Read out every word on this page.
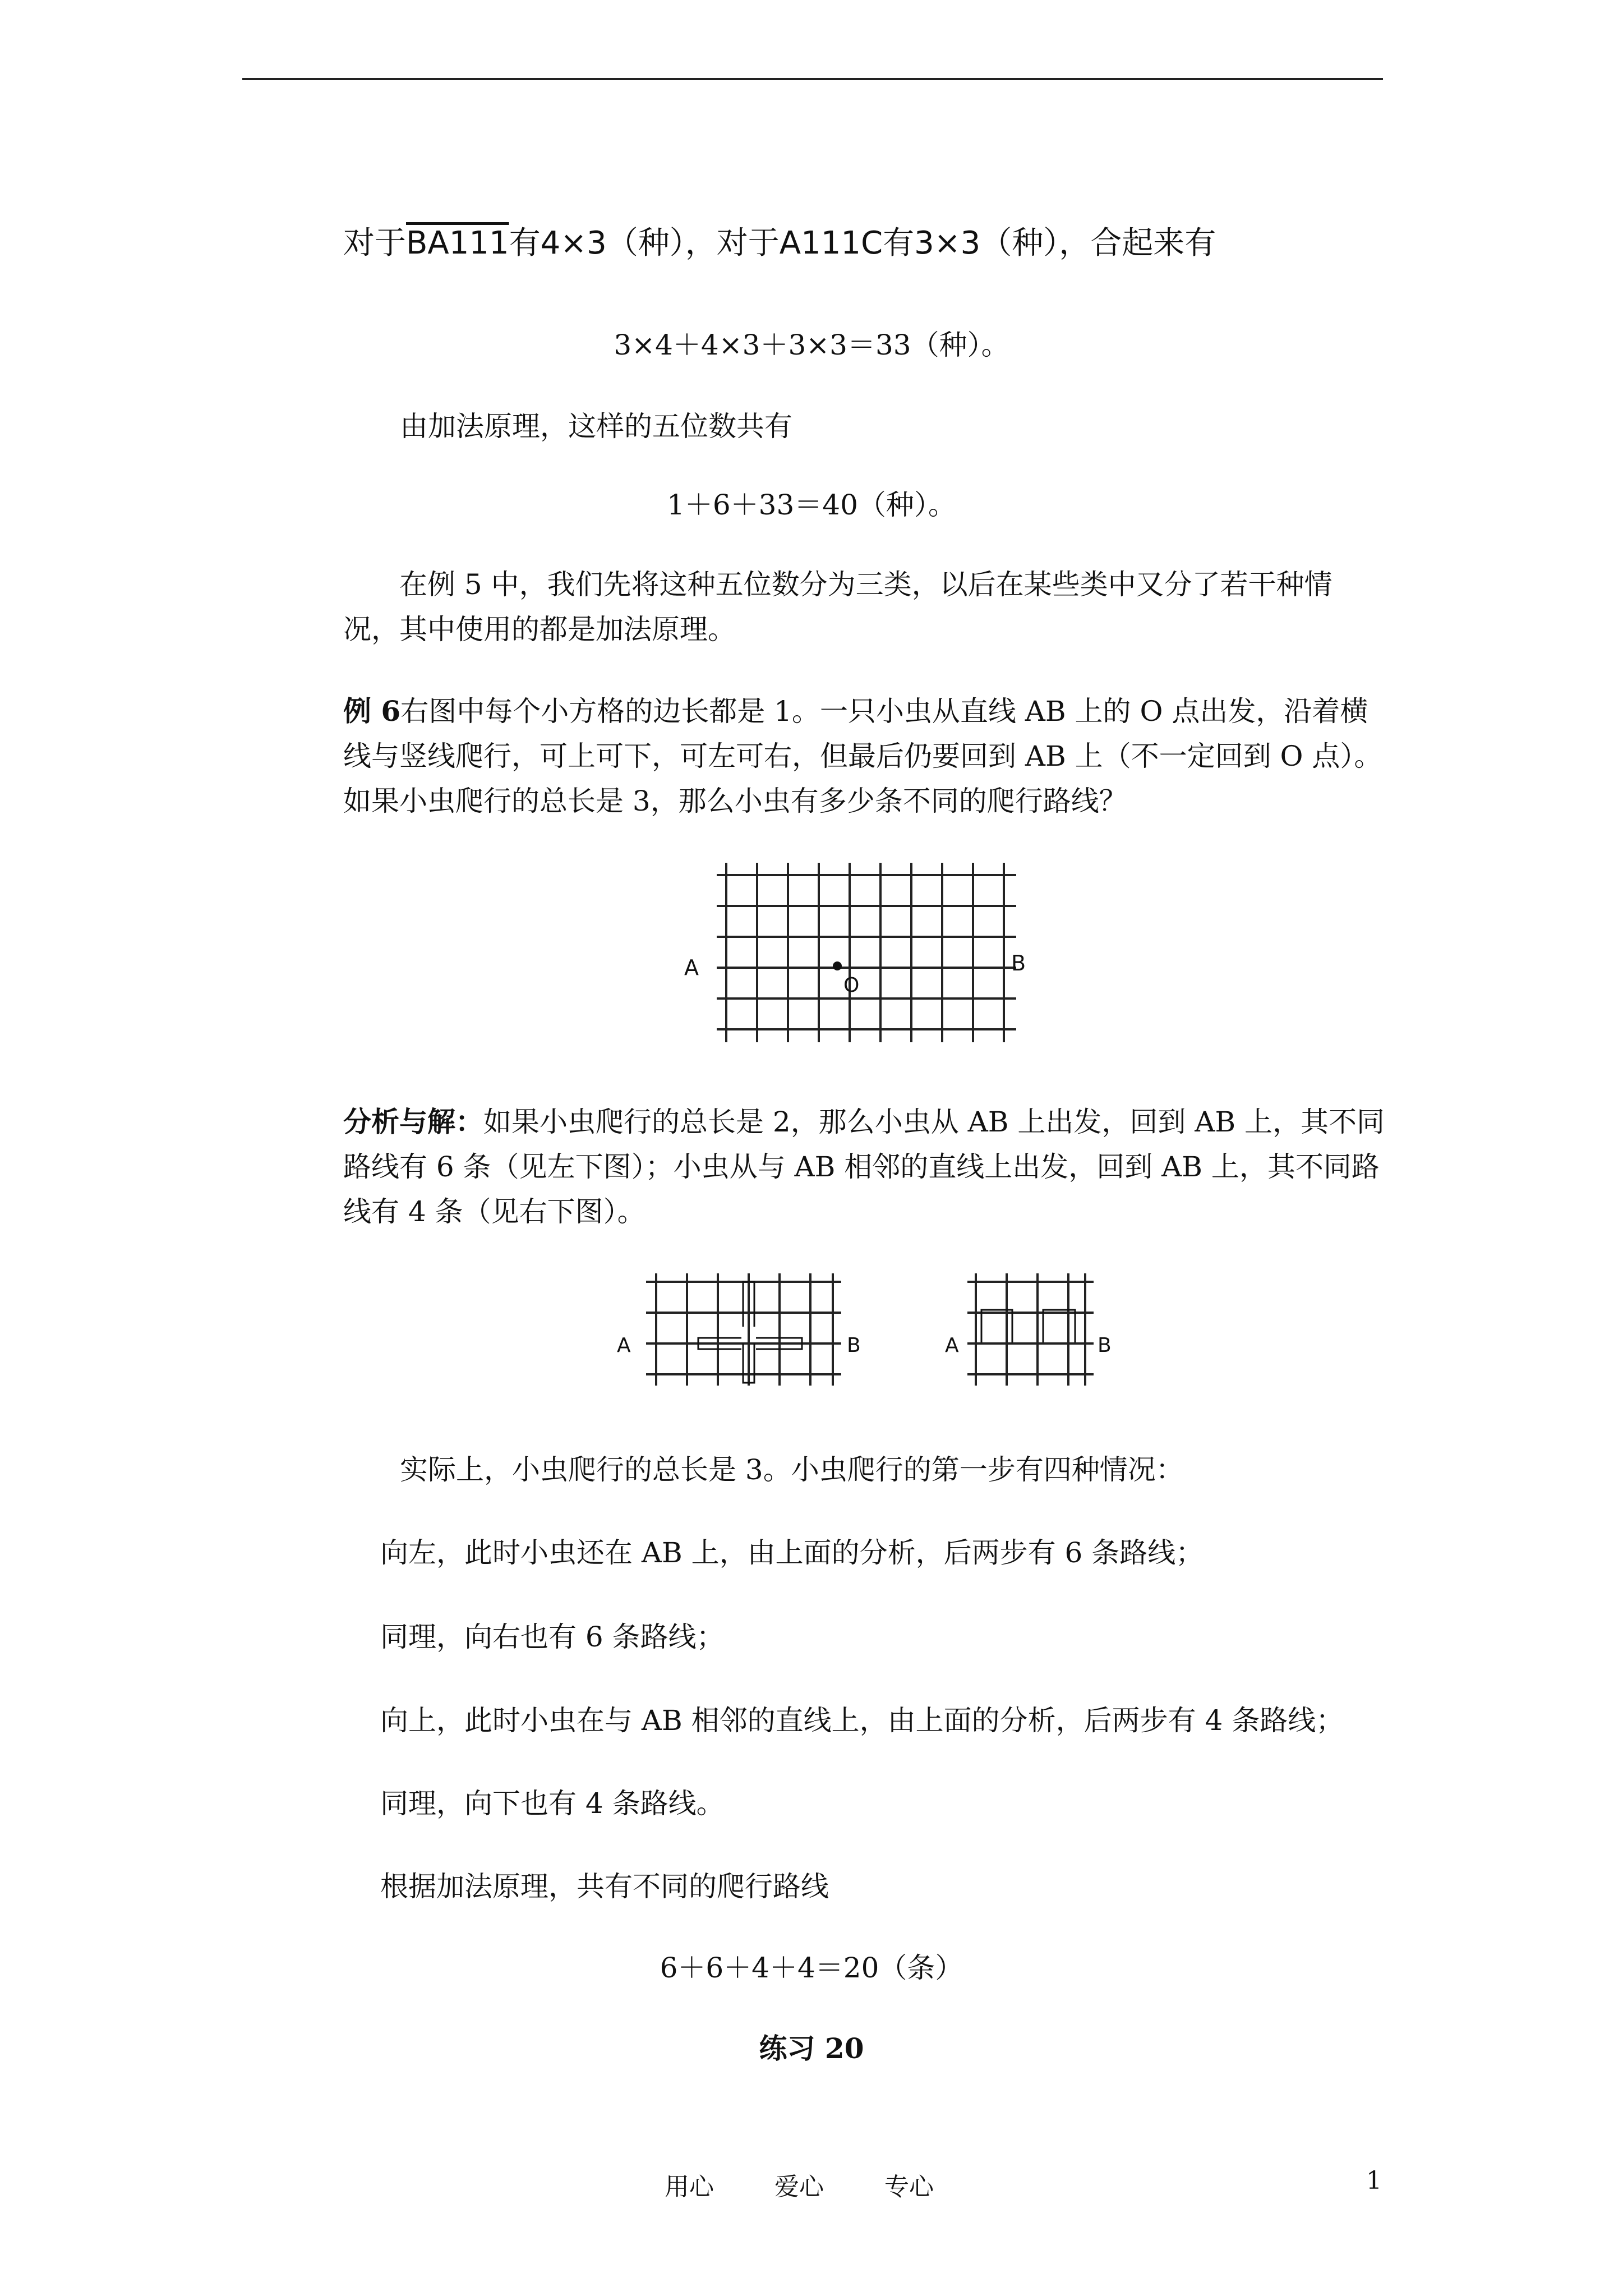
对于BA111有4×3（种），对于A111C有3×3（种），合起来有
3×4＋4×3＋3×3＝33（种）。
由加法原理，这样的五位数共有
1＋6＋33＝40（种）。
在例 5 中，我们先将这种五位数分为三类，以后在某些类中又分了若干种情况，其中使用的都是加法原理。
例 6右图中每个小方格的边长都是 1。一只小虫从直线 AB 上的 O 点出发，沿着横线与竖线爬行，可上可下，可左可右，但最后仍要回到 AB 上（不一定回到 O 点）。如果小虫爬行的总长是 3，那么小虫有多少条不同的爬行路线？
A	B
O
分析与解：如果小虫爬行的总长是 2，那么小虫从 AB 上出发，回到 AB 上，其不同路线有 6 条（见左下图）；小虫从与 AB 相邻的直线上出发，回到 AB 上，其不同路线有 4 条（见右下图）。
A	B	A	B
实际上，小虫爬行的总长是 3。小虫爬行的第一步有四种情况：
向左，此时小虫还在 AB 上，由上面的分析，后两步有 6 条路线；
同理，向右也有 6 条路线；
向上，此时小虫在与 AB 相邻的直线上，由上面的分析，后两步有 4 条路线；
同理，向下也有 4 条路线。
根据加法原理，共有不同的爬行路线
6＋6＋4＋4＝20（条）
练习 20
用心 爱心 专心	1
